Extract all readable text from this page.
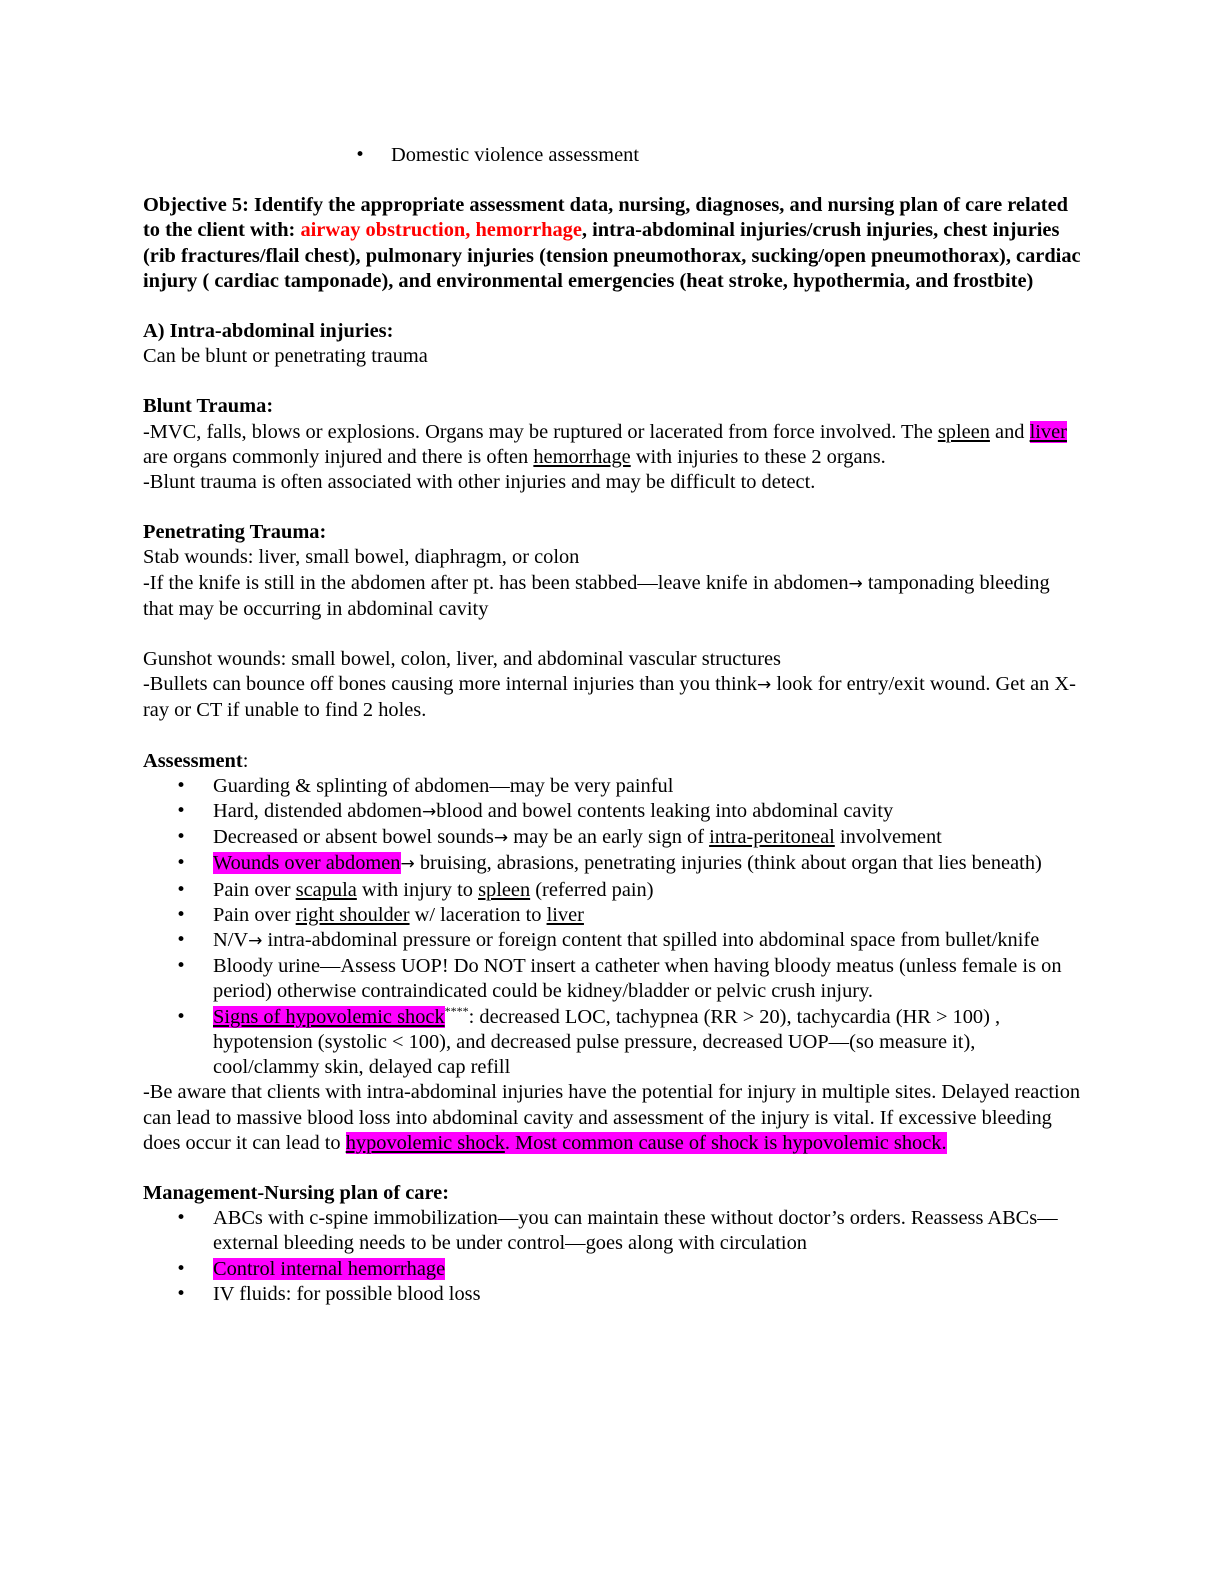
• Domestic violence assessment

Objective 5: Identify the appropriate assessment data, nursing, diagnoses, and nursing plan of care related to the client with: airway obstruction, hemorrhage, intra-abdominal injuries/crush injuries, chest injuries (rib fractures/flail chest), pulmonary injuries (tension pneumothorax, sucking/open pneumothorax), cardiac injury ( cardiac tamponade), and environmental emergencies (heat stroke, hypothermia, and frostbite)

A) Intra-abdominal injuries:

Can be blunt or penetrating trauma

Blunt Trauma:

-MVC, falls, blows or explosions. Organs may be ruptured or lacerated from force involved. The spleen and liver are organs commonly injured and there is often hemorrhage with injuries to these 2 organs.

-Blunt trauma is often associated with other injuries and may be difficult to detect.

Penetrating Trauma:

Stab wounds: liver, small bowel, diaphragm, or colon

-If the knife is still in the abdomen after pt. has been stabbed—leave knife in abdomen→ tamponading bleeding that may be occurring in abdominal cavity

Gunshot wounds: small bowel, colon, liver, and abdominal vascular structures

-Bullets can bounce off bones causing more internal injuries than you think→ look for entry/exit wound. Get an X-ray or CT if unable to find 2 holes.

Assessment:

• Guarding & splinting of abdomen—may be very painful
• Hard, distended abdomen→blood and bowel contents leaking into abdominal cavity
• Decreased or absent bowel sounds→ may be an early sign of intra-peritoneal involvement
• Wounds over abdomen→ bruising, abrasions, penetrating injuries (think about organ that lies beneath)
• Pain over scapula with injury to spleen (referred pain)
• Pain over right shoulder w/ laceration to liver
• N/V→ intra-abdominal pressure or foreign content that spilled into abdominal space from bullet/knife
• Bloody urine—Assess UOP! Do NOT insert a catheter when having bloody meatus (unless female is on period) otherwise contraindicated could be kidney/bladder or pelvic crush injury.
• Signs of hypovolemic shock****: decreased LOC, tachypnea (RR > 20), tachycardia (HR > 100) , hypotension (systolic < 100), and decreased pulse pressure, decreased UOP—(so measure it), cool/clammy skin, delayed cap refill

-Be aware that clients with intra-abdominal injuries have the potential for injury in multiple sites. Delayed reaction can lead to massive blood loss into abdominal cavity and assessment of the injury is vital. If excessive bleeding does occur it can lead to hypovolemic shock. Most common cause of shock is hypovolemic shock.

Management-Nursing plan of care:

• ABCs with c-spine immobilization—you can maintain these without doctor’s orders. Reassess ABCs—external bleeding needs to be under control—goes along with circulation
• Control internal hemorrhage
• IV fluids: for possible blood loss
